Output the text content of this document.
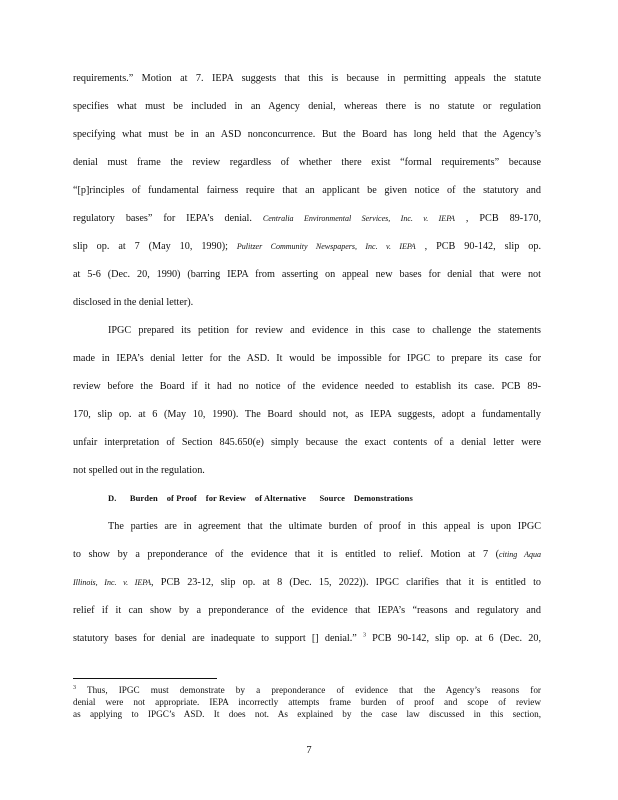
requirements.” Motion at 7. IEPA suggests that this is because in permitting appeals the statute
specifies what must be included in an Agency denial, whereas there is no statute or regulation
specifying what must be in an ASD nonconcurrence. But the Board has long held that the Agency’s
denial must frame the review regardless of whether there exist “formal requirements” because
“[p]rinciples of fundamental fairness require that an applicant be given notice of the statutory and
regulatory bases” for IEPA’s denial. Centralia Environmental Services, Inc. v. IEPA , PCB 89-170,
slip op. at 7 (May 10, 1990); Pulitzer Community Newspapers, Inc. v. IEPA , PCB 90-142, slip op.
at 5-6 (Dec. 20, 1990) (barring IEPA from asserting on appeal new bases for denial that were not
disclosed in the denial letter).
IPGC prepared its petition for review and evidence in this case to challenge the statements
made in IEPA’s denial letter for the ASD. It would be impossible for IPGC to prepare its case for
review before the Board if it had no notice of the evidence needed to establish its case. PCB 89-
170, slip op. at 6 (May 10, 1990). The Board should not, as IEPA suggests, adopt a fundamentally
unfair interpretation of Section 845.650(e) simply because the exact contents of a denial letter were
not spelled out in the regulation.
D.      Burden    of Proof    for Review    of Alternative      Source    Demonstrations
The parties are in agreement that the ultimate burden of proof in this appeal is upon IPGC
to show by a preponderance of the evidence that it is entitled to relief. Motion at 7 (citing Aqua
Illinois, Inc. v. IEPA, PCB 23-12, slip op. at 8 (Dec. 15, 2022)). IPGC clarifies that it is entitled to
relief if it can show by a preponderance of the evidence that IEPA’s “reasons and regulatory and
statutory bases for denial are inadequate to support [] denial.” $^3$ PCB 90-142, slip op. at 6 (Dec. 20,
$^3$ Thus, IPGC must demonstrate by a preponderance of evidence that the Agency’s reasons for
denial were not appropriate. IEPA incorrectly attempts frame burden of proof and scope of review
as applying to IPGC’s ASD. It does not. As explained by the case law discussed in this section,
7
